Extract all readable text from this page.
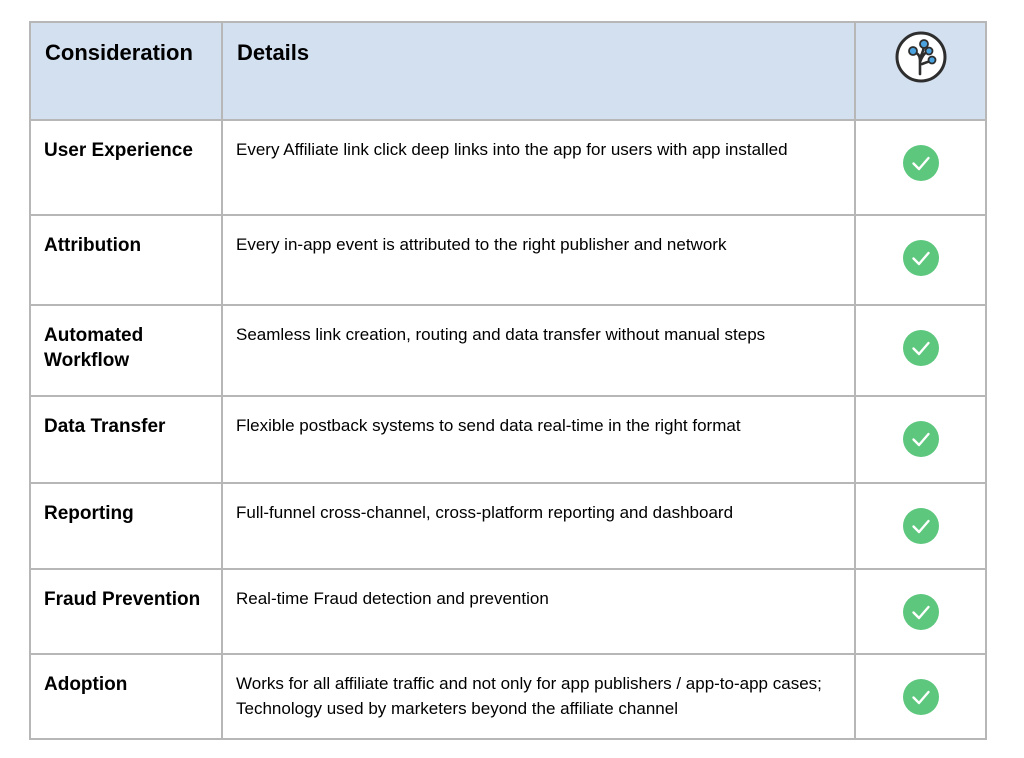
Consideration	Details	
User Experience	Every Affiliate link click deep links into the app for users with app installed	
Attribution	Every in-app event is attributed to the right publisher and network	
Automated Workflow	Seamless link creation, routing and data transfer without manual steps	
Data Transfer	Flexible postback systems to send data real-time in the right format	
Reporting	Full-funnel cross-channel, cross-platform reporting and dashboard	
Fraud Prevention	Real-time Fraud detection and prevention	
Adoption	Works for all affiliate traffic and not only for app publishers / app-to-app cases; Technology used by marketers beyond the affiliate channel	
